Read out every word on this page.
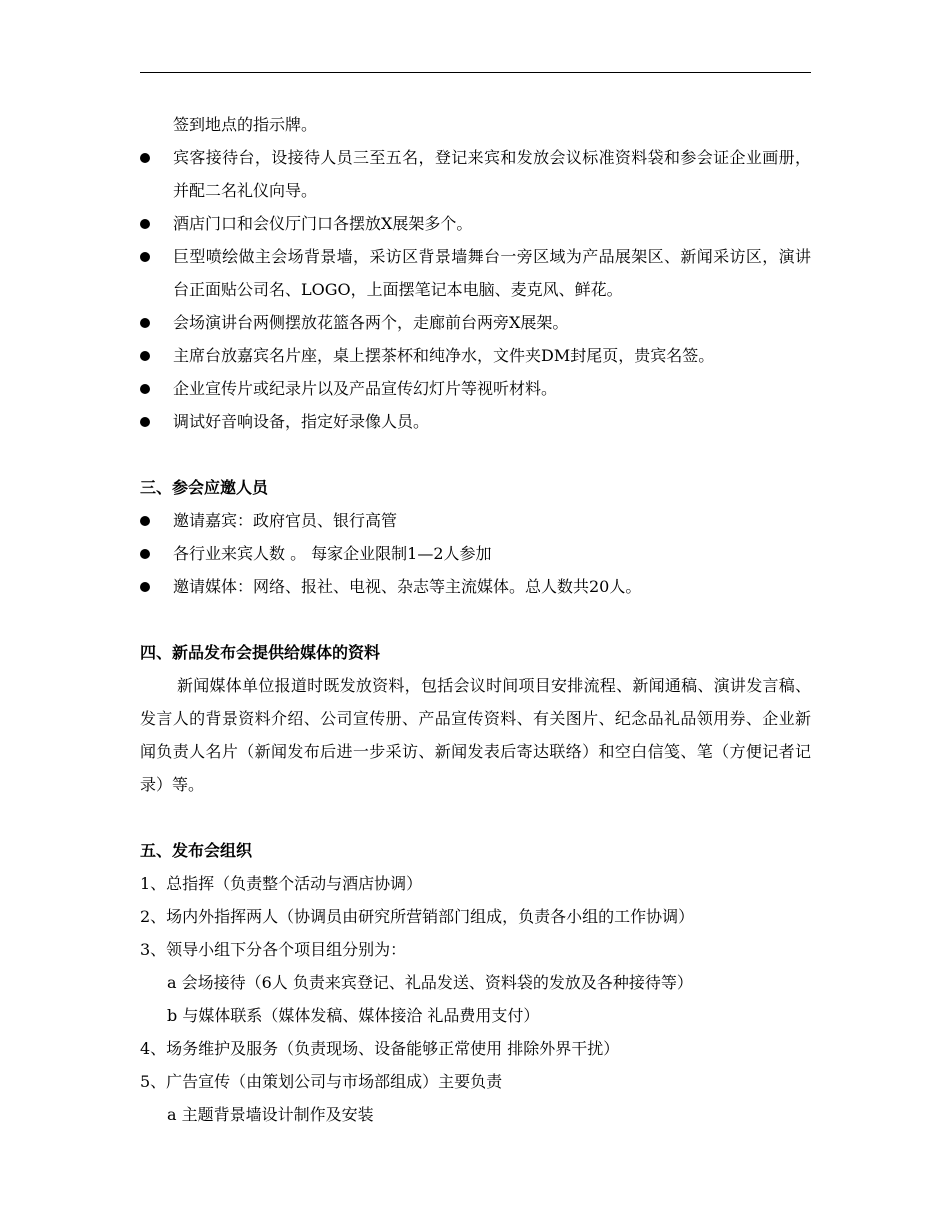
签到地点的指示牌。
宾客接待台，设接待人员三至五名，登记来宾和发放会议标准资料袋和参会证企业画册，并配二名礼仪向导。
酒店门口和会仪厅门口各摆放X展架多个。
巨型喷绘做主会场背景墙，采访区背景墙舞台一旁区域为产品展架区、新闻采访区，演讲台正面贴公司名、LOGO，上面摆笔记本电脑、麦克风、鲜花。
会场演讲台两侧摆放花篮各两个，走廊前台两旁X展架。
主席台放嘉宾名片座，桌上摆茶杯和纯净水，文件夹DM封尾页，贵宾名签。
企业宣传片或纪录片以及产品宣传幻灯片等视听材料。
调试好音响设备，指定好录像人员。
三、参会应邀人员
邀请嘉宾：政府官员、银行高管
各行业来宾人数 。 每家企业限制1—2人参加
邀请媒体：网络、报社、电视、杂志等主流媒体。总人数共20人。
四、新品发布会提供给媒体的资料
新闻媒体单位报道时既发放资料，包括会议时间项目安排流程、新闻通稿、演讲发言稿、发言人的背景资料介绍、公司宣传册、产品宣传资料、有关图片、纪念品礼品领用券、企业新闻负责人名片（新闻发布后进一步采访、新闻发表后寄达联络）和空白信笺、笔（方便记者记录）等。
五、发布会组织
1、总指挥（负责整个活动与酒店协调）
2、场内外指挥两人（协调员由研究所营销部门组成，负责各小组的工作协调）
3、领导小组下分各个项目组分别为：
a 会场接待（6人 负责来宾登记、礼品发送、资料袋的发放及各种接待等）
b 与媒体联系（媒体发稿、媒体接洽 礼品费用支付）
4、场务维护及服务（负责现场、设备能够正常使用 排除外界干扰）
5、广告宣传（由策划公司与市场部组成）主要负责
a 主题背景墙设计制作及安装
